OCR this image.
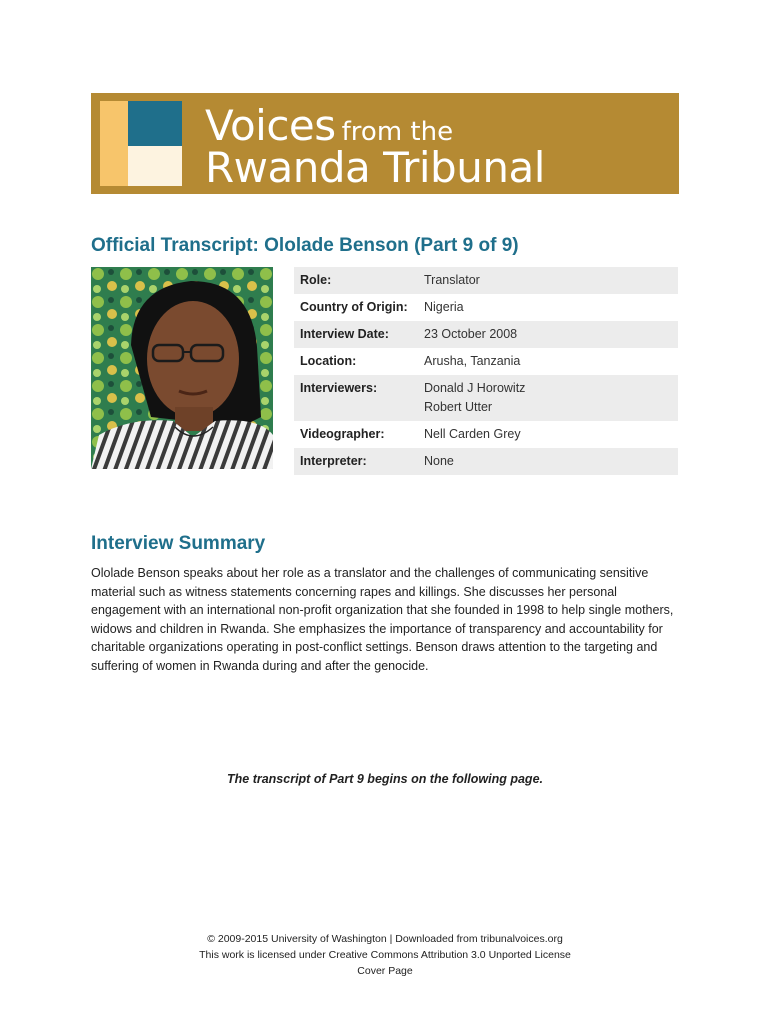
Voices from the
Rwanda Tribunal
Official Transcript: Ololade Benson (Part 9 of 9)
Role:	Translator
Country of Origin:	Nigeria
Interview Date:	23 October 2008
Location:	Arusha, Tanzania
Interviewers:	Donald J Horowitz
Robert Utter
Videographer:	Nell Carden Grey
Interpreter:	None
Interview Summary

Ololade Benson speaks about her role as a translator and the challenges of communicating sensitive material such as witness statements concerning rapes and killings. She discusses her personal engagement with an international non-profit organization that she founded in 1998 to help single mothers, widows and children in Rwanda. She emphasizes the importance of transparency and accountability for charitable organizations operating in post-conflict settings. Benson draws attention to the targeting and suffering of women in Rwanda during and after the genocide.

The transcript of Part 9 begins on the following page.

© 2009-2015 University of Washington | Downloaded from tribunalvoices.org
This work is licensed under Creative Commons Attribution 3.0 Unported License
Cover Page
